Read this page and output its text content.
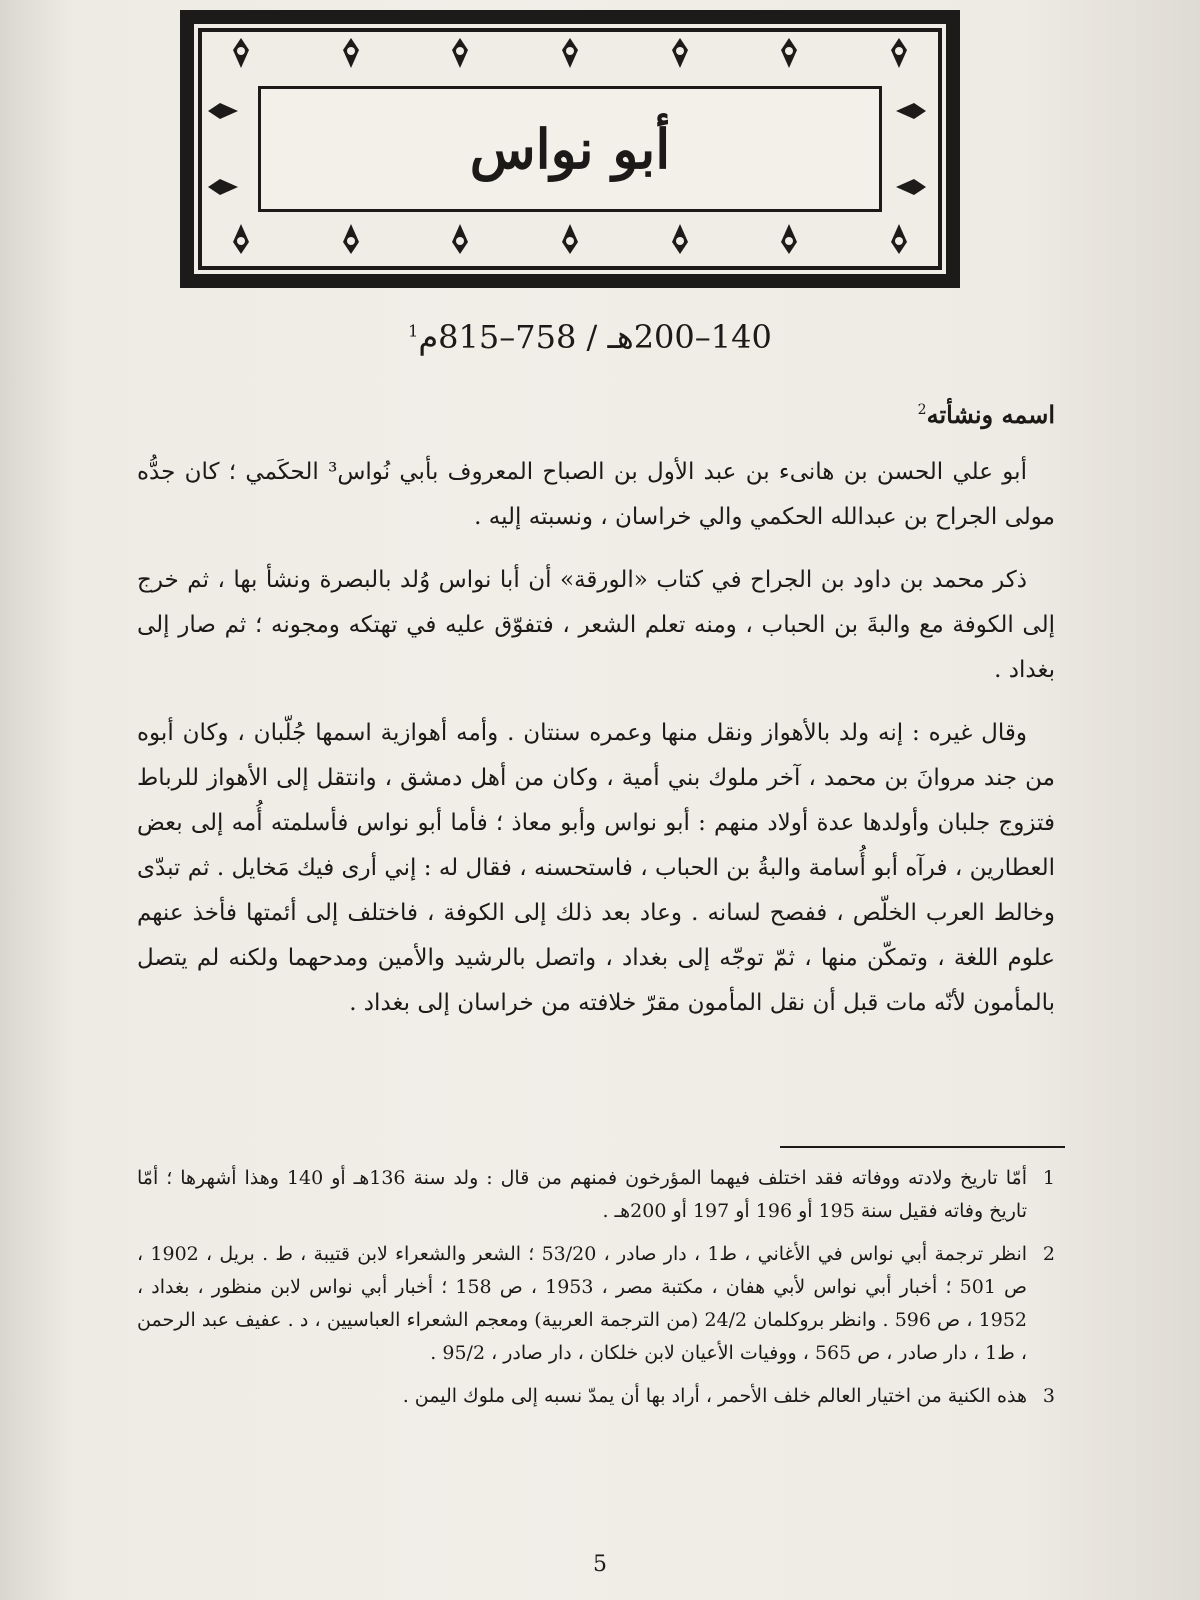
أبو نواس
140–200هـ / 758–815م$^1$
اسمه ونشأته$^2$

أبو علي الحسن بن هانىء بن عبد الأول بن الصباح المعروف بأبي نُواس³ الحكَمي ؛ كان جدُّه مولى الجراح بن عبدالله الحكمي والي خراسان ، ونسبته إليه .

ذكر محمد بن داود بن الجراح في كتاب «الورقة» أن أبا نواس وُلد بالبصرة ونشأ بها ، ثم خرج إلى الكوفة مع والبةَ بن الحباب ، ومنه تعلم الشعر ، فتفوّق عليه في تهتكه ومجونه ؛ ثم صار إلى بغداد .

وقال غيره : إنه ولد بالأهواز ونقل منها وعمره سنتان . وأمه أهوازية اسمها جُلّبان ، وكان أبوه من جند مروانَ بن محمد ، آخر ملوك بني أمية ، وكان من أهل دمشق ، وانتقل إلى الأهواز للرباط فتزوج جلبان وأولدها عدة أولاد منهم : أبو نواس وأبو معاذ ؛ فأما أبو نواس فأسلمته أُمه إلى بعض العطارين ، فرآه أبو أُسامة والبةُ بن الحباب ، فاستحسنه ، فقال له : إني أرى فيك مَخايل . ثم تبدّى وخالط العرب الخلّص ، ففصح لسانه . وعاد بعد ذلك إلى الكوفة ، فاختلف إلى أئمتها فأخذ عنهم علوم اللغة ، وتمكّن منها ، ثمّ توجّه إلى بغداد ، واتصل بالرشيد والأمين ومدحهما ولكنه لم يتصل بالمأمون لأنّه مات قبل أن نقل المأمون مقرّ خلافته من خراسان إلى بغداد .

1
أمّا تاريخ ولادته ووفاته فقد اختلف فيهما المؤرخون فمنهم من قال : ولد سنة 136هـ أو 140 وهذا أشهرها ؛ أمّا تاريخ وفاته فقيل سنة 195 أو 196 أو 197 أو 200هـ .
2
انظر ترجمة أبي نواس في الأغاني ، ط1 ، دار صادر ، 53/20 ؛ الشعر والشعراء لابن قتيبة ، ط . بريل ، 1902 ، ص 501 ؛ أخبار أبي نواس لأبي هفان ، مكتبة مصر ، 1953 ، ص 158 ؛ أخبار أبي نواس لابن منظور ، بغداد ، 1952 ، ص 596 . وانظر بروكلمان 24/2 (من الترجمة العربية) ومعجم الشعراء العباسيين ، د . عفيف عبد الرحمن ، ط1 ، دار صادر ، ص 565 ، ووفيات الأعيان لابن خلكان ، دار صادر ، 95/2 .
3
هذه الكنية من اختيار العالم خلف الأحمر ، أراد بها أن يمدّ نسبه إلى ملوك اليمن .
5
